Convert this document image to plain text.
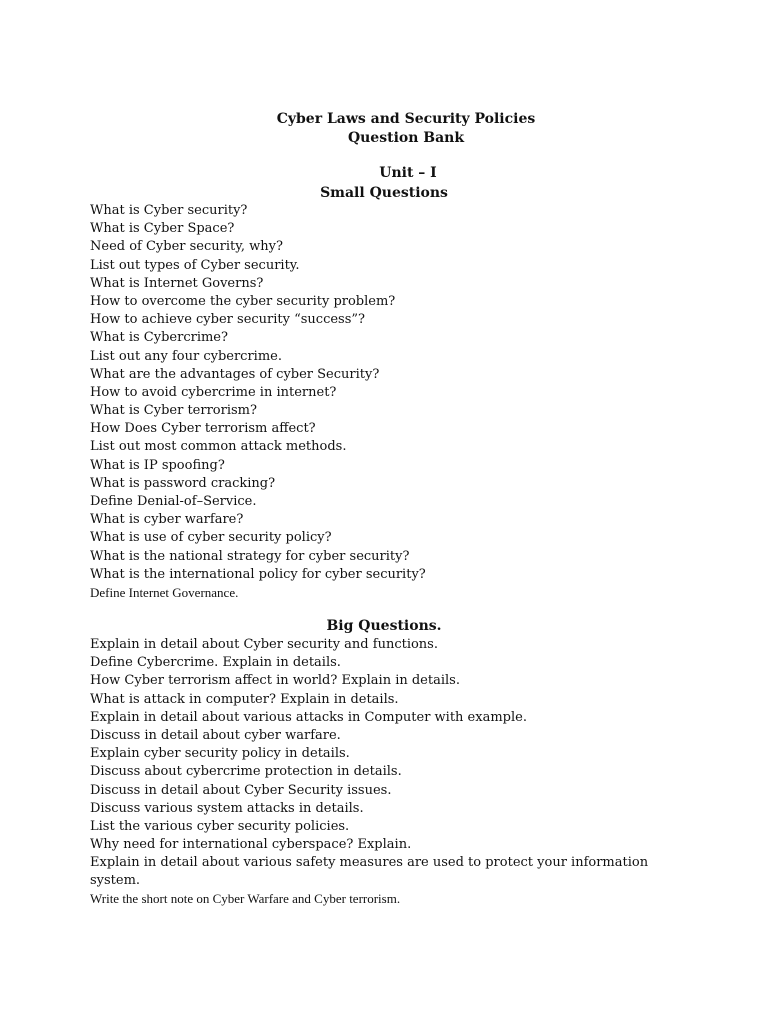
Cyber Laws and Security Policies
Question Bank
Unit – I
Small Questions
What is Cyber security?
What is Cyber Space?
Need of Cyber security, why?
List out types of Cyber security.
What is Internet Governs?
How to overcome the cyber security problem?
How to achieve cyber security “success”?
What is Cybercrime?
List out any four cybercrime.
What are the advantages of cyber Security?
How to avoid cybercrime in internet?
What is Cyber terrorism?
How Does Cyber terrorism affect?
List out most common attack methods.
What is IP spoofing?
What is password cracking?
Define Denial-of–Service.
What is cyber warfare?
What is use of cyber security policy?
What is the national strategy for cyber security?
What is the international policy for cyber security?
Define Internet Governance.
Big Questions.
Explain in detail about Cyber security and functions.
Define Cybercrime. Explain in details.
How Cyber terrorism affect in world? Explain in details.
What is attack in computer? Explain in details.
Explain in detail about various attacks in Computer with example.
Discuss in detail about cyber warfare.
Explain cyber security policy in details.
Discuss about cybercrime protection in details.
Discuss in detail about Cyber Security issues.
Discuss various system attacks in details.
List the various cyber security policies.
Why need for international cyberspace? Explain.
Explain in detail about various safety measures are used to protect your information system.
Write the short note on Cyber Warfare and Cyber terrorism.
